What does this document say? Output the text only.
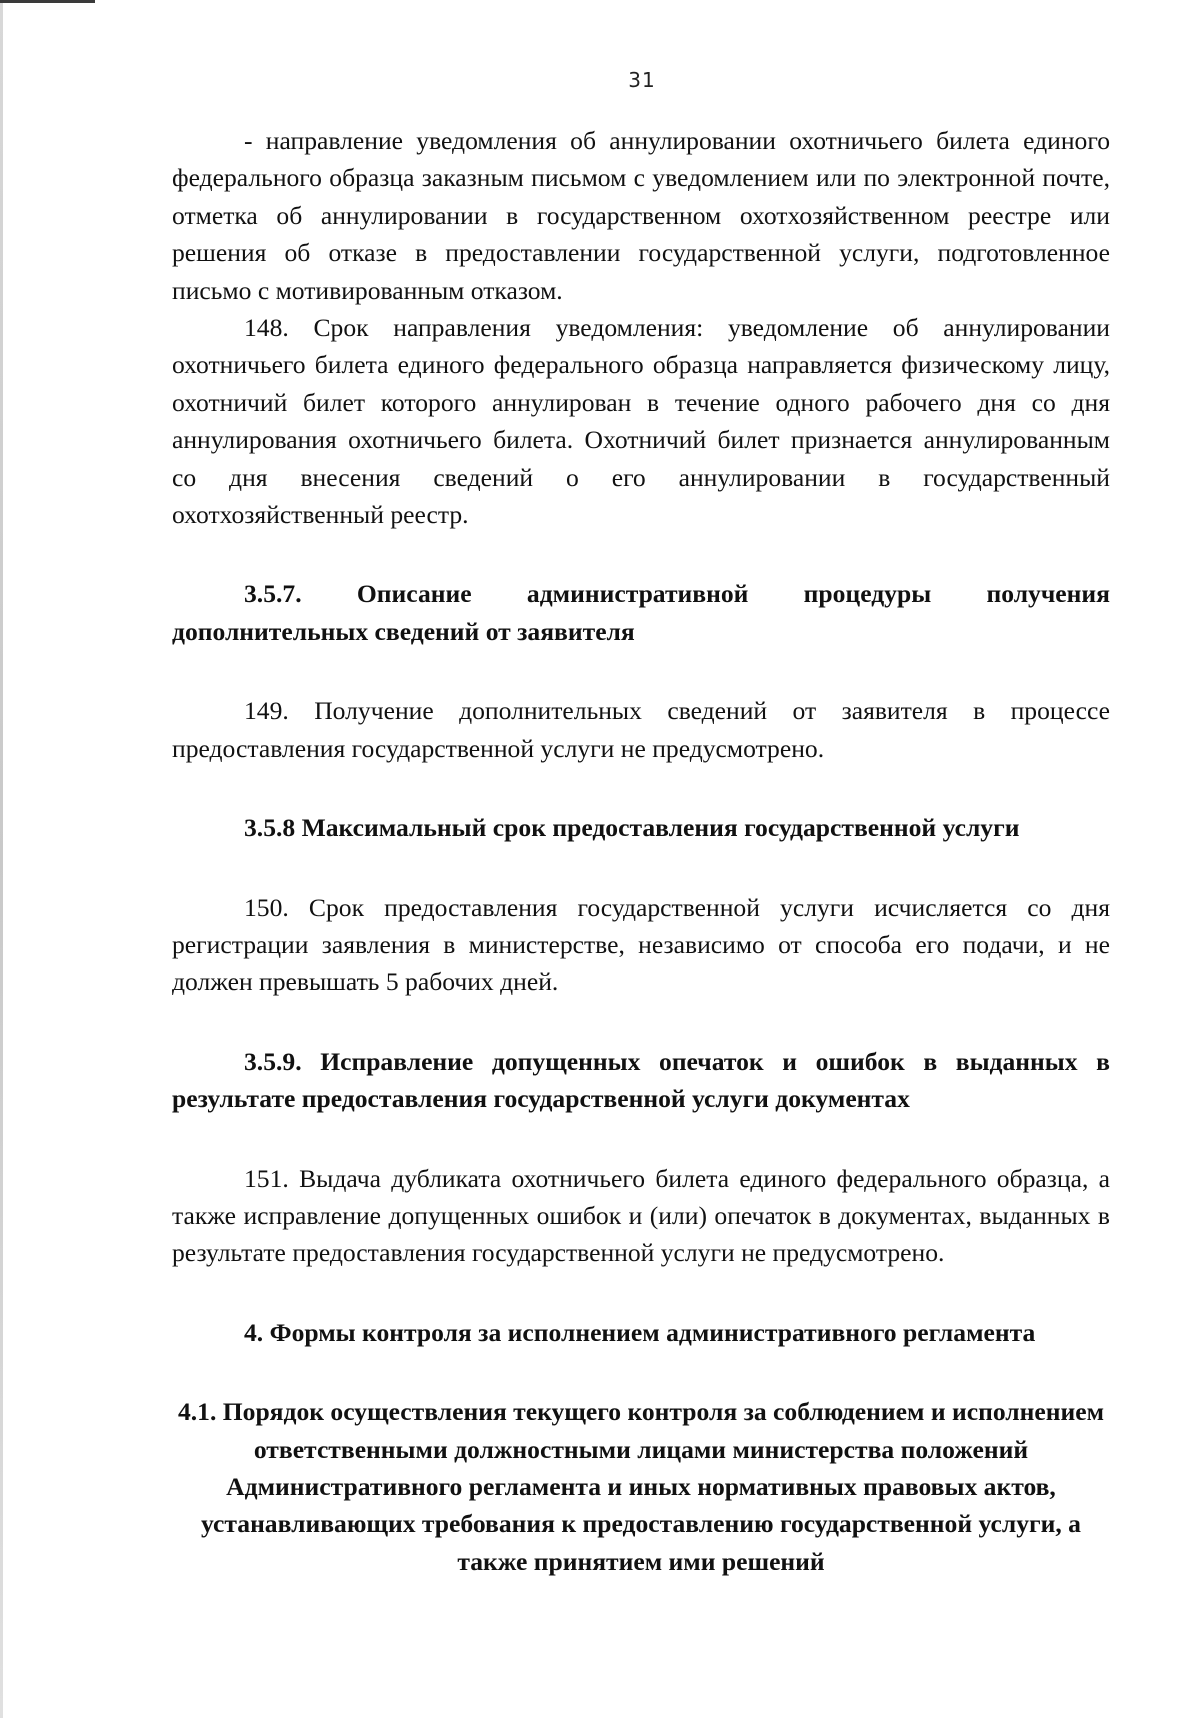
31

- направление уведомления об аннулировании охотничьего билета единого федерального образца заказным письмом с уведомлением или по электронной почте, отметка об аннулировании в государственном охотхозяйственном реестре или решения об отказе в предоставлении государственной услуги, подготовленное письмо с мотивированным отказом.

148. Срок направления уведомления: уведомление об аннулировании охотничьего билета единого федерального образца направляется физическому лицу, охотничий билет которого аннулирован в течение одного рабочего дня со дня аннулирования охотничьего билета. Охотничий билет признается аннулированным со дня внесения сведений о его аннулировании в государственный охотхозяйственный реестр.

3.5.7. Описание административной процедуры получения дополнительных сведений от заявителя

149. Получение дополнительных сведений от заявителя в процессе предоставления государственной услуги не предусмотрено.

3.5.8 Максимальный срок предоставления государственной услуги

150. Срок предоставления государственной услуги исчисляется со дня регистрации заявления в министерстве, независимо от способа его подачи, и не должен превышать 5 рабочих дней.

3.5.9. Исправление допущенных опечаток и ошибок в выданных в результате предоставления государственной услуги документах

151. Выдача дубликата охотничьего билета единого федерального образца, а также исправление допущенных ошибок и (или) опечаток в документах, выданных в результате предоставления государственной услуги не предусмотрено.

4. Формы контроля за исполнением административного регламента
4.1. Порядок осуществления текущего контроля за соблюдением и исполнением ответственными должностными лицами министерства положений Административного регламента и иных нормативных правовых актов, устанавливающих требования к предоставлению государственной услуги, а также принятием ими решений
